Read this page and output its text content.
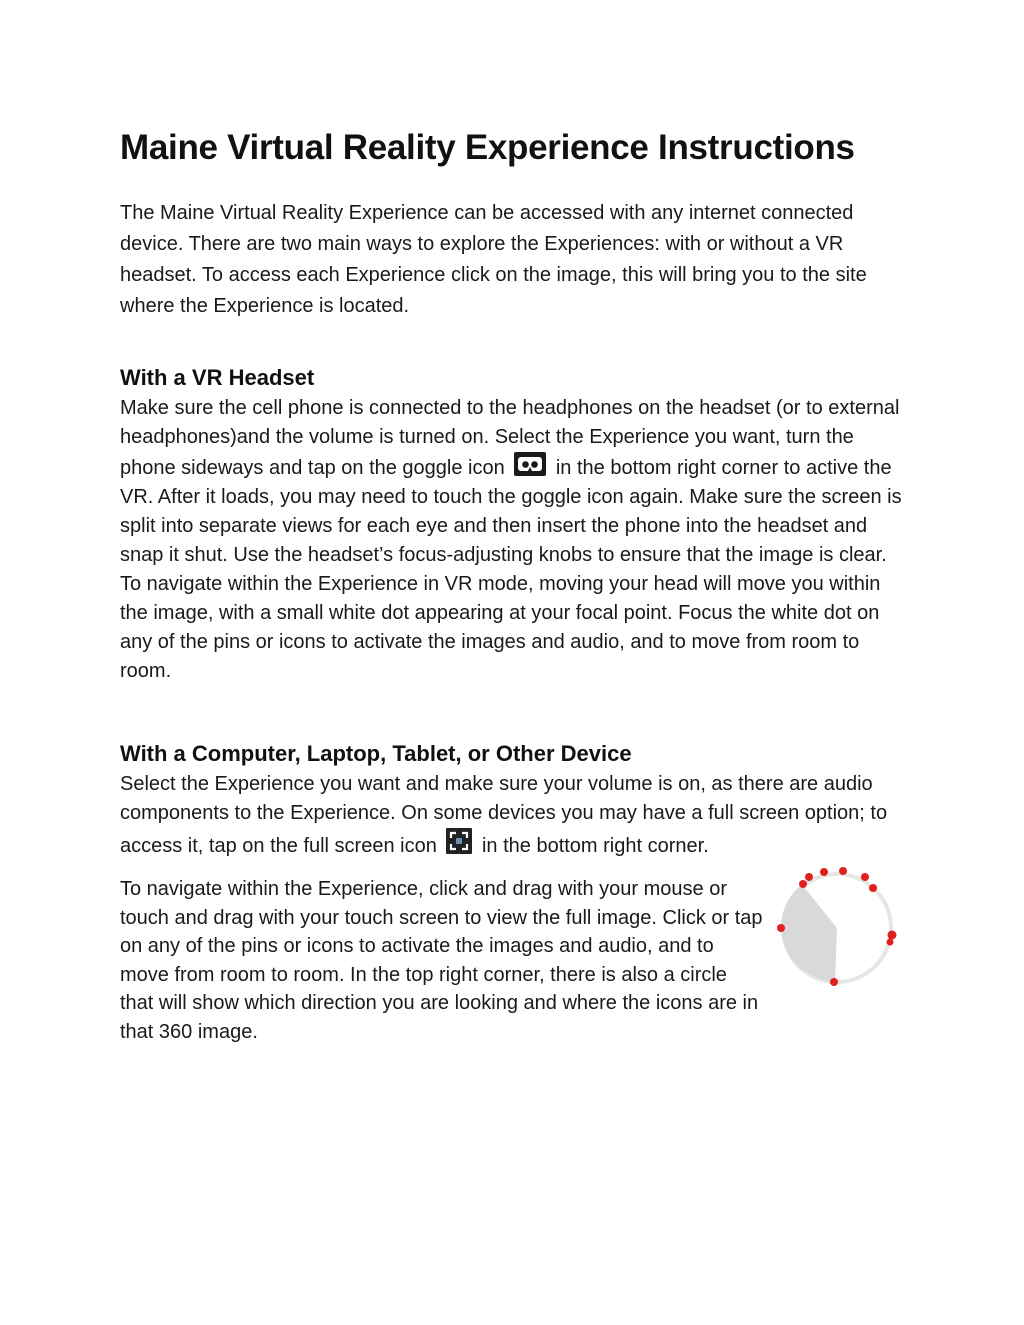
Maine Virtual Reality Experience Instructions

The Maine Virtual Reality Experience can be accessed with any internet connected device. There are two main ways to explore the Experiences: with or without a VR headset. To access each Experience click on the image, this will bring you to the site where the Experience is located.

With a VR Headset

Make sure the cell phone is connected to the headphones on the headset (or to external headphones)and the volume is turned on. Select the Experience you want, turn the phone sideways and tap on the goggle icon
in the bottom right corner to active the VR. After it loads, you may need to touch the goggle icon again. Make sure the screen is split into separate views for each eye and then insert the phone into the headset and snap it shut. Use the headset’s focus-adjusting knobs to ensure that the image is clear.

To navigate within the Experience in VR mode, moving your head will move you within the image, with a small white dot appearing at your focal point. Focus the white dot on any of the pins or icons to activate the images and audio, and to move from room to room.

With a Computer, Laptop, Tablet, or Other Device

Select the Experience you want and make sure your volume is on, as there are audio components to the Experience. On some devices you may have a full screen option; to access it, tap on the full screen icon
in the bottom right corner.

To navigate within the Experience, click and drag with your mouse or touch and drag with your touch screen to view the full image. Click or tap on any of the pins or icons to activate the images and audio, and to move from room to room. In the top right corner, there is also a circle that will show which direction you are looking and where the icons are in that 360 image.
